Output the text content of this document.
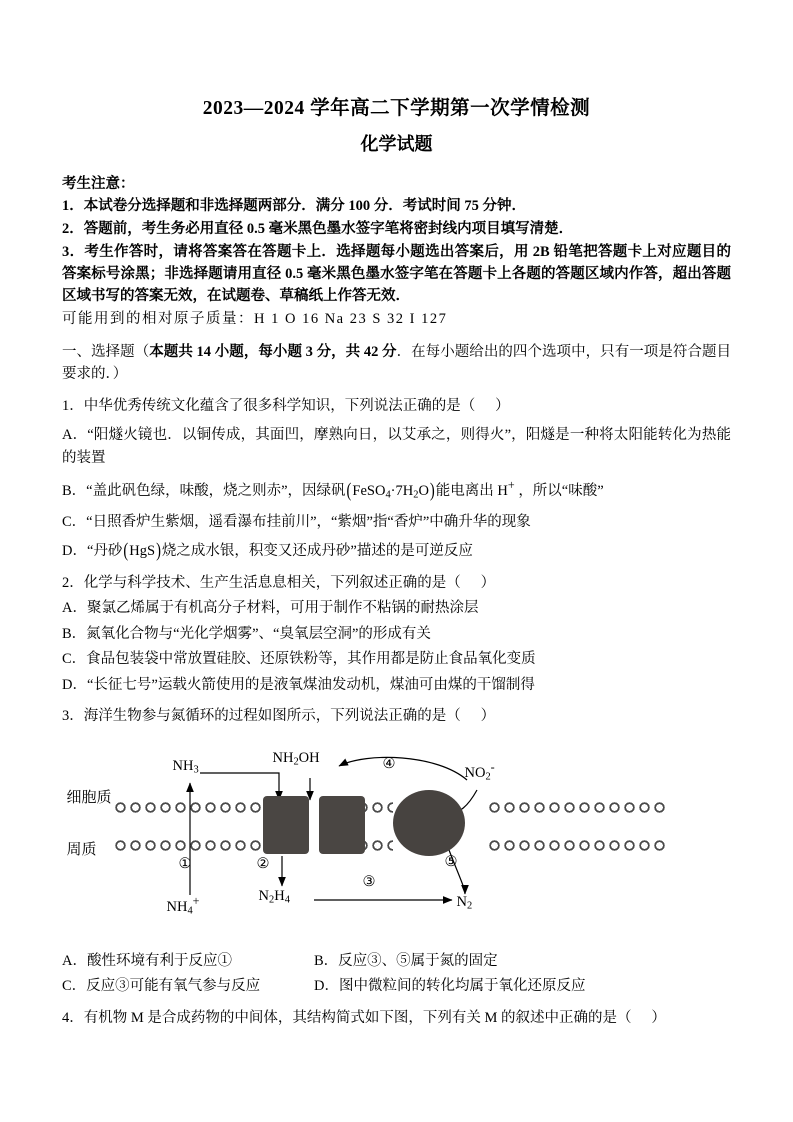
2023—2024 学年高二下学期第一次学情检测
化学试题
考生注意：
1．本试卷分选择题和非选择题两部分．满分 100 分．考试时间 75 分钟．
2．答题前，考生务必用直径 0.5 毫米黑色墨水签字笔将密封线内项目填写清楚．
3．考生作答时，请将答案答在答题卡上．选择题每小题选出答案后，用 2B 铅笔把答题卡上对应题目的答案标号涂黑；非选择题请用直径 0.5 毫米黑色墨水签字笔在答题卡上各题的答题区域内作答，超出答题区域书写的答案无效，在试题卷、草稿纸上作答无效．
可能用到的相对原子质量：H 1 O 16 Na 23 S 32 I 127
一、选择题（本题共 14 小题，每小题 3 分，共 42 分．在每小题给出的四个选项中，只有一项是符合题目要求的．）
1．中华优秀传统文化蕴含了很多科学知识，下列说法正确的是（ ）
A．“阳燧火镜也．以铜传成，其面凹，摩熟向日，以艾承之，则得火”，阳燧是一种将太阳能转化为热能的装置
B．“盖此矾色绿，味酸，烧之则赤”，因绿矾$(FeSO_4\cdot 7H_2O)$能电离出 H+ ，所以“味酸”
C．“日照香炉生紫烟，遥看瀑布挂前川”，“紫烟”指“香炉”中确升华的现象
D．“丹砂(HgS)烧之成水银，积变又还成丹砂”描述的是可逆反应
2．化学与科学技术、生产生活息息相关，下列叙述正确的是（ ）
A．聚氯乙烯属于有机高分子材料，可用于制作不粘锅的耐热涂层
B．氮氧化合物与“光化学烟雾”、“臭氧层空洞”的形成有关
C．食品包装袋中常放置硅胶、还原铁粉等，其作用都是防止食品氧化变质
D．“长征七号”运载火箭使用的是液氧煤油发动机，煤油可由煤的干馏制得
3．海洋生物参与氮循环的过程如图所示，下列说法正确的是（ ）
细胞质
周质
$NH_3$
$NH_4^+$
$NH_2OH$
$N_2H_4$
$NO_2^-$
$N_2$
①	②
③
④
⑤
A．酸性环境有利于反应①	B．反应③、⑤属于氮的固定
C．反应③可能有氧气参与反应	D．图中微粒间的转化均属于氧化还原反应
4．有机物 M 是合成药物的中间体，其结构简式如下图，下列有关 M 的叙述中正确的是（ ）
